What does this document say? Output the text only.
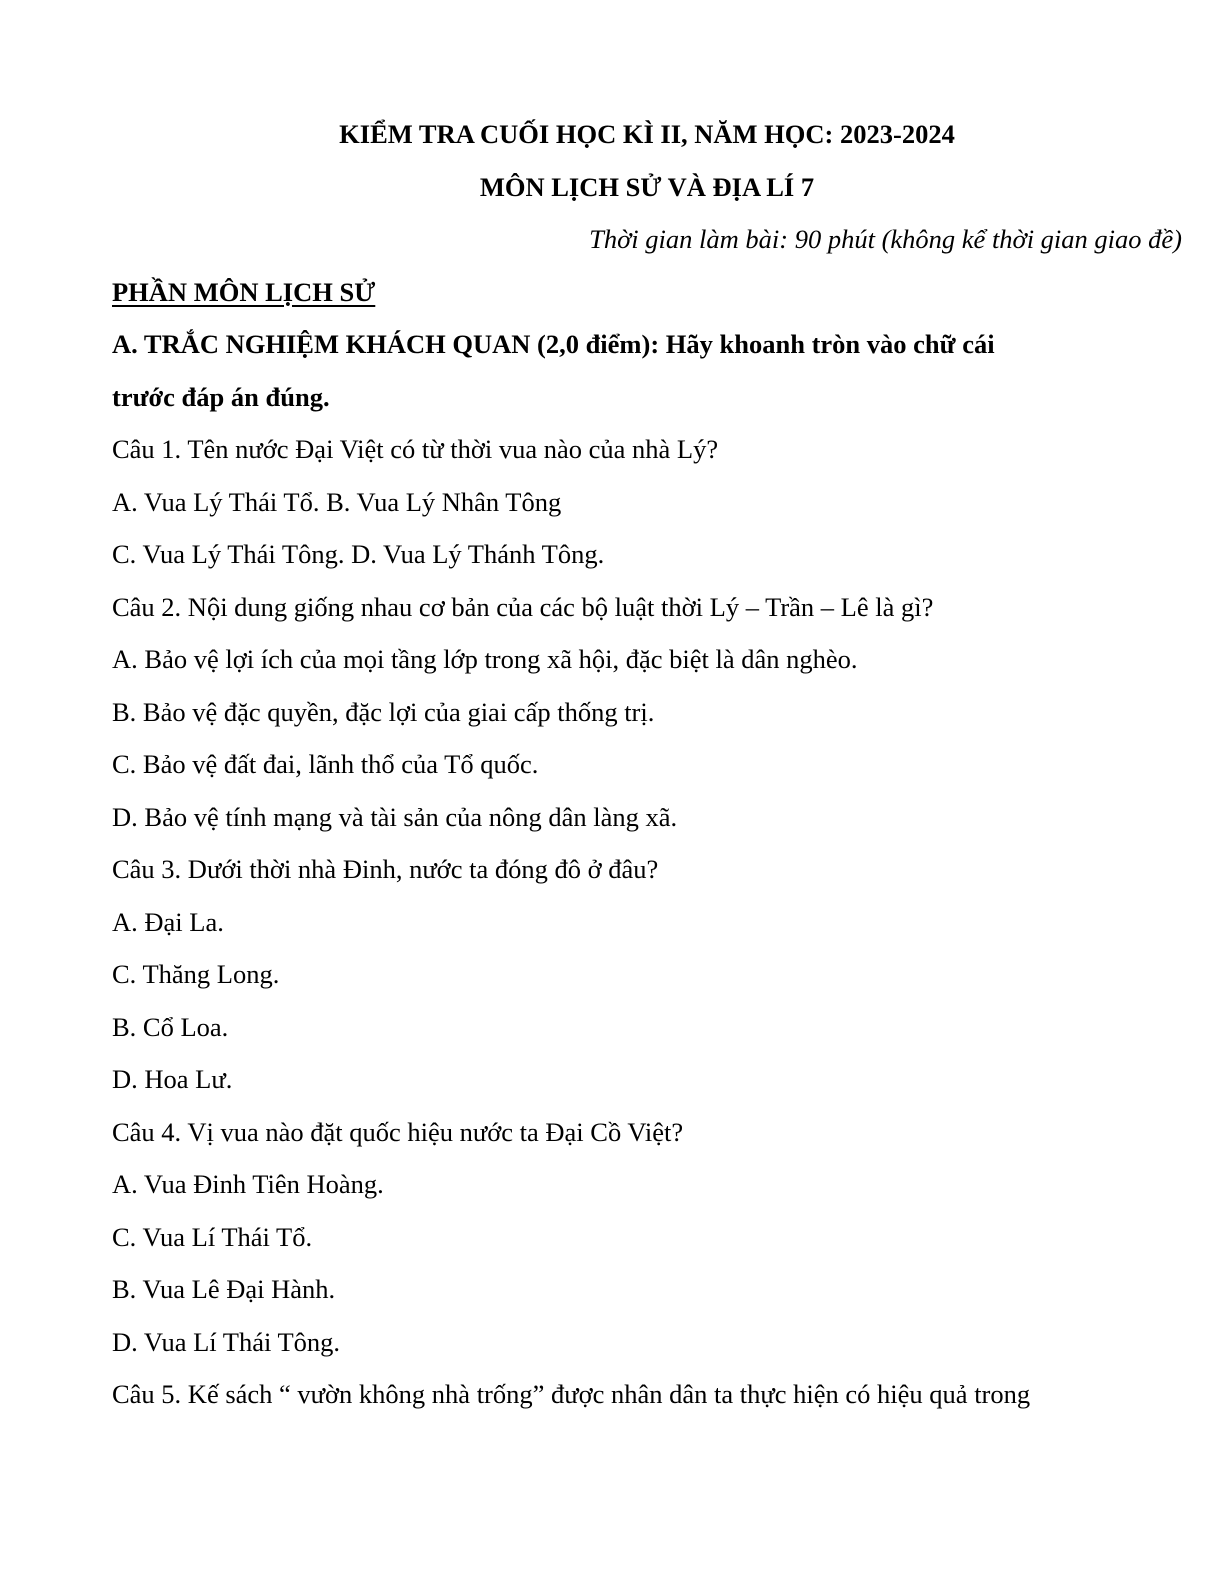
KIỂM TRA CUỐI HỌC KÌ II, NĂM HỌC: 2023-2024
MÔN LỊCH SỬ VÀ ĐỊA LÍ 7
Thời gian làm bài: 90 phút (không kể thời gian giao đề)
PHẦN MÔN LỊCH SỬ
A. TRẮC NGHIỆM KHÁCH QUAN (2,0 điểm): Hãy khoanh tròn vào chữ cái
trước đáp án đúng.
Câu 1. Tên nước Đại Việt có từ thời vua nào của nhà Lý?
A. Vua Lý Thái Tổ. B. Vua Lý Nhân Tông
C. Vua Lý Thái Tông. D. Vua Lý Thánh Tông.
Câu 2. Nội dung giống nhau cơ bản của các bộ luật thời Lý – Trần – Lê là gì?
A. Bảo vệ lợi ích của mọi tầng lớp trong xã hội, đặc biệt là dân nghèo.
B. Bảo vệ đặc quyền, đặc lợi của giai cấp thống trị.
C. Bảo vệ đất đai, lãnh thổ của Tổ quốc.
D. Bảo vệ tính mạng và tài sản của nông dân làng xã.
Câu 3. Dưới thời nhà Đinh, nước ta đóng đô ở đâu?
A. Đại La.
C. Thăng Long.
B. Cổ Loa.
D. Hoa Lư.
Câu 4. Vị vua nào đặt quốc hiệu nước ta Đại Cồ Việt?
A. Vua Đinh Tiên Hoàng.
C. Vua Lí Thái Tổ.
B. Vua Lê Đại Hành.
D. Vua Lí Thái Tông.
Câu 5. Kế sách “ vườn không nhà trống” được nhân dân ta thực hiện có hiệu quả trong
